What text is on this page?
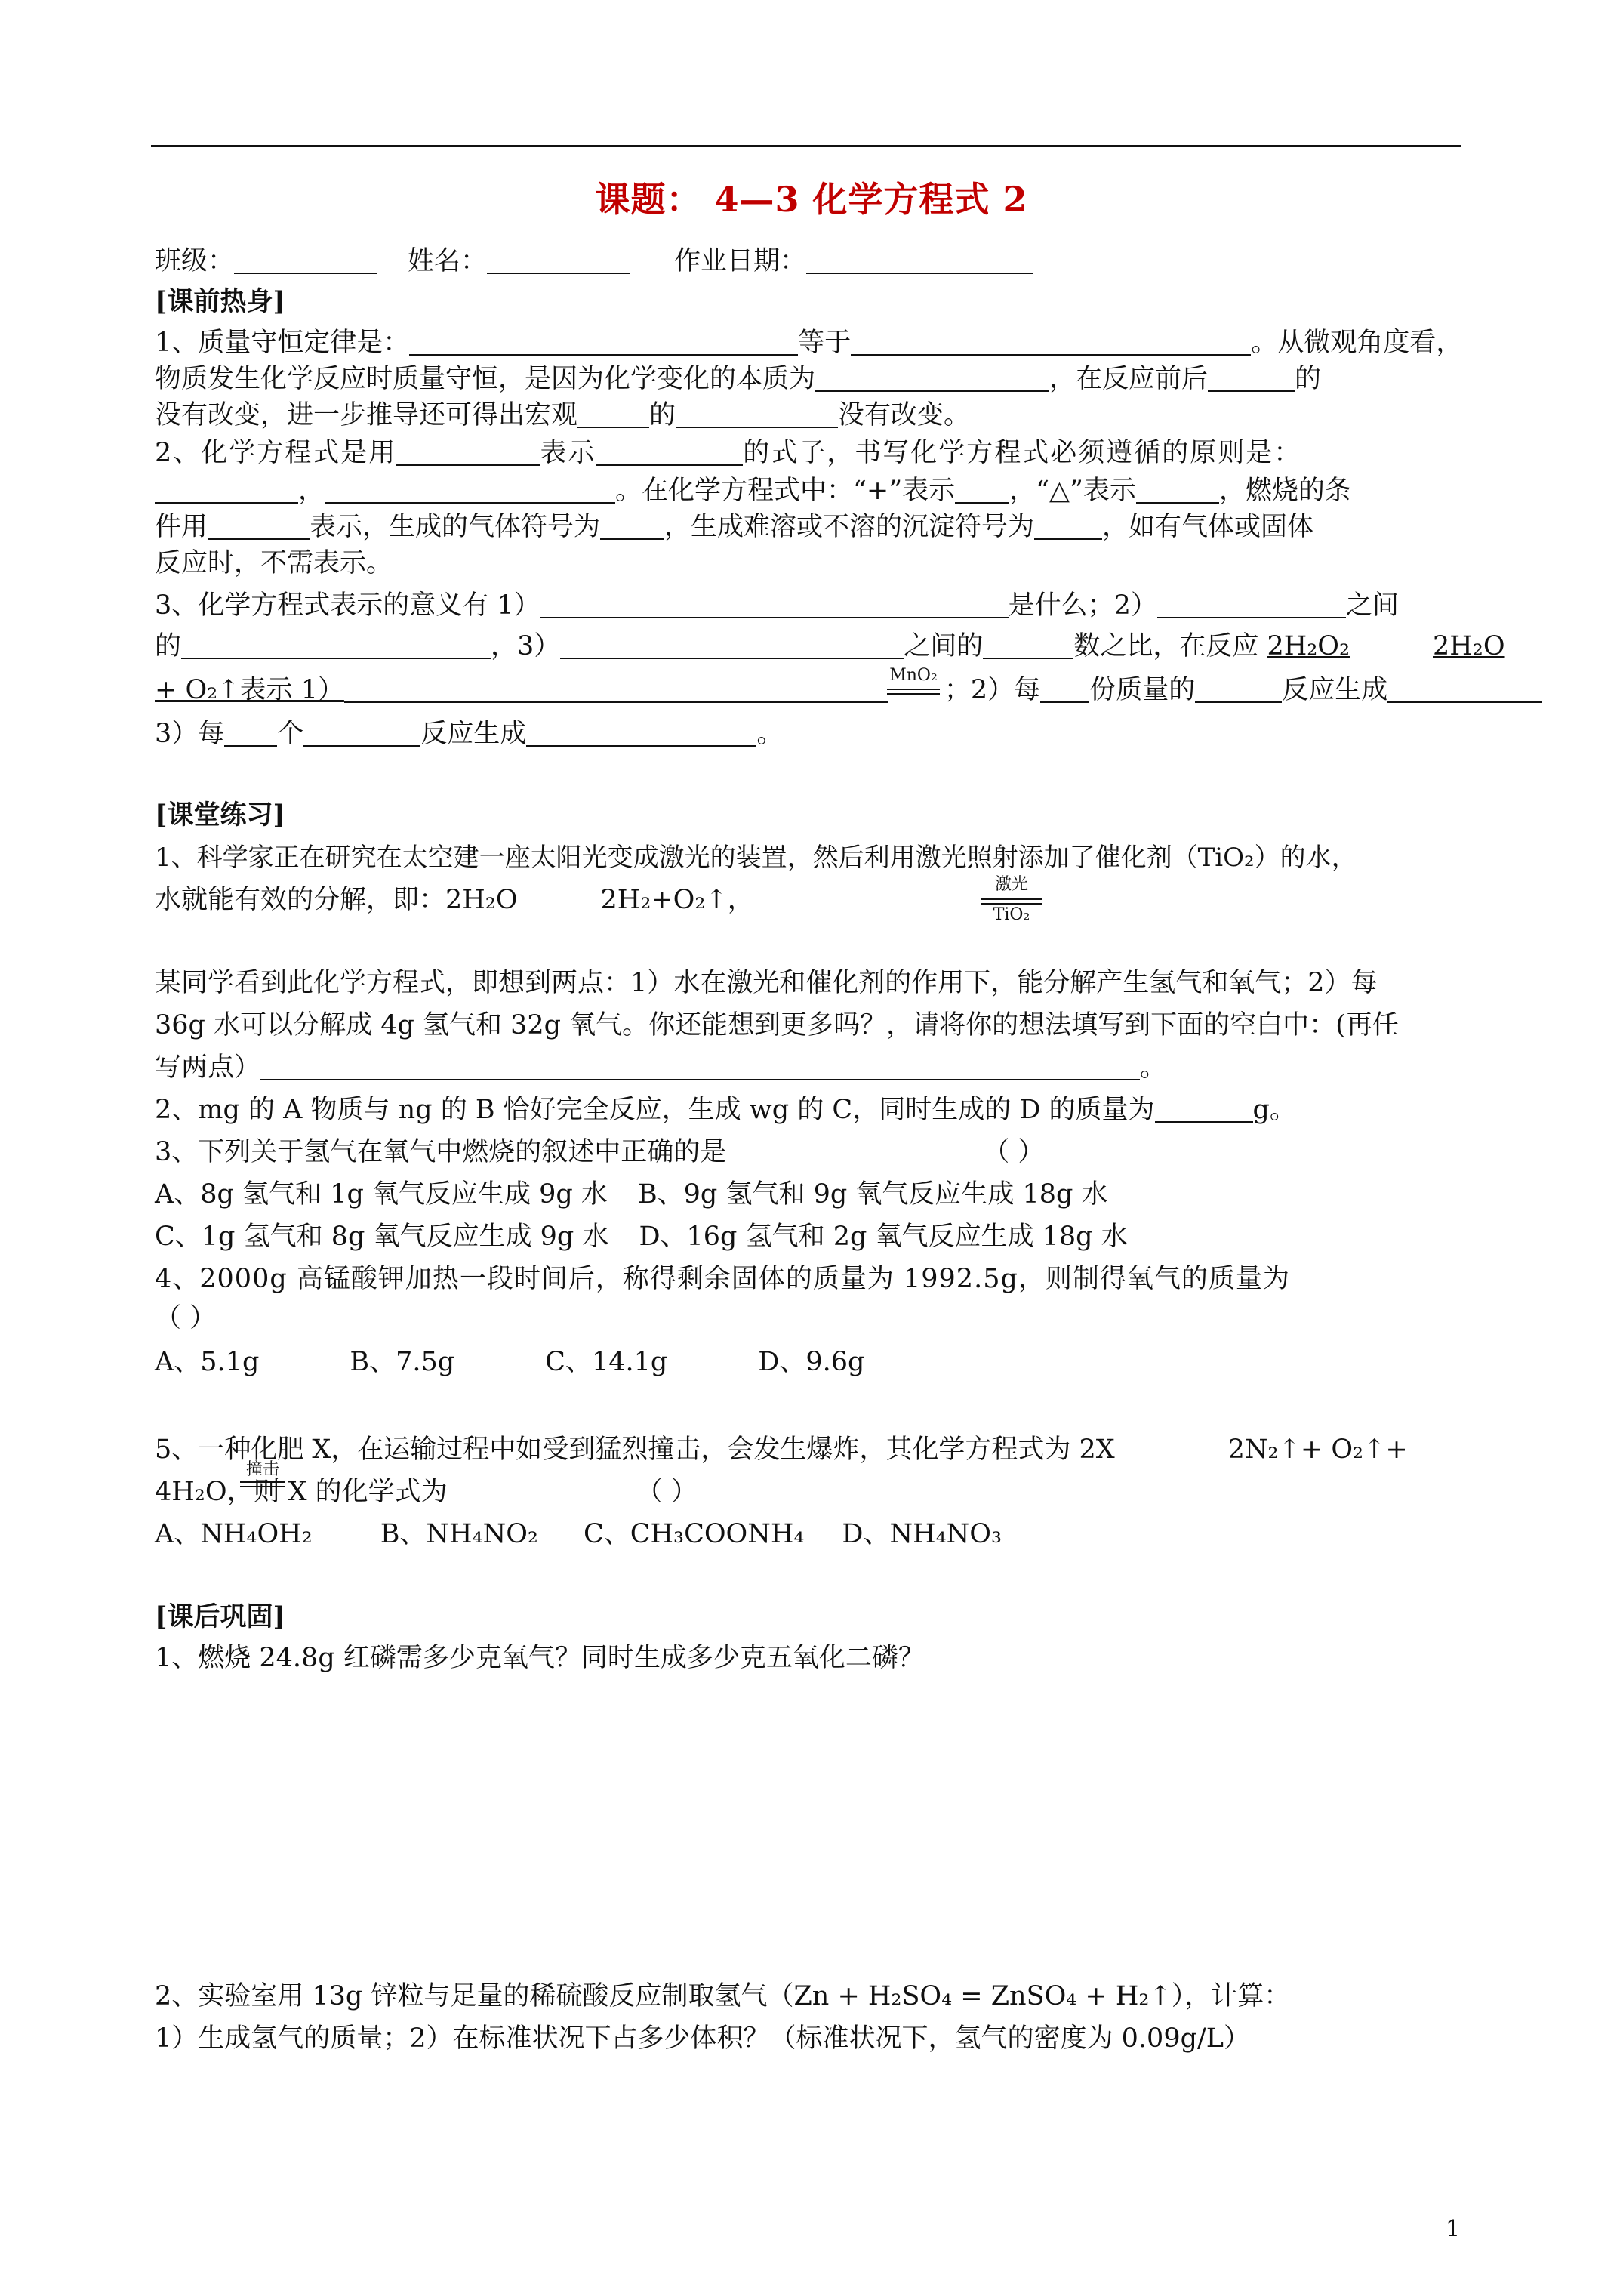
课题： 4—3 化学方程式 2
班级：	姓名：	作业日期：
[课前热身]
1、质量守恒定律是：	等于	。从微观角度看，
物质发生化学反应时质量守恒，是因为化学变化的本质为	，在反应前后	的
没有改变，进一步推导还可得出宏观	的	没有改变。
2、化学方程式是用	表示	的式子，书写化学方程式必须遵循的原则是：
，	。在化学方程式中：“+”表示 ，“△”表示	，燃烧的条
件用	表示，生成的气体符号为 ，生成难溶或不溶的沉淀符号为	，如有气体或固体
反应时，不需表示。
3、化学方程式表示的意义有 1）	是什么；2）	之间
的	，3）	之间的	数之比，在反应 2H₂O₂	2H₂O
+ O₂↑表示 1）	；2）每 份质量的	反应生成
MnO₂
3）每 个	反应生成	。
[课堂练习]
1、科学家正在研究在太空建一座太阳光变成激光的装置，然后利用激光照射添加了催化剂（TiO₂）的水，
水就能有效的分解，即：2H₂O	2H₂+O₂↑，
激光
TiO₂
某同学看到此化学方程式，即想到两点：1）水在激光和催化剂的作用下，能分解产生氢气和氧气；2）每
36g 水可以分解成 4g 氢气和 32g 氧气。你还能想到更多吗？，请将你的想法填写到下面的空白中：(再任
写两点）	。
2、mg 的 A 物质与 ng 的 B 恰好完全反应，生成 wg 的 C，同时生成的 D 的质量为	g。
3、下列关于氢气在氧气中燃烧的叙述中正确的是	（ ）
A、8g 氢气和 1g 氧气反应生成 9g 水 B、9g 氢气和 9g 氧气反应生成 18g 水
C、1g 氢气和 8g 氧气反应生成 9g 水 D、16g 氢气和 2g 氧气反应生成 18g 水
4、2000g 高锰酸钾加热一段时间后，称得剩余固体的质量为 1992.5g，则制得氧气的质量为
（ ）
A、5.1g	B、7.5g	C、14.1g	D、9.6g
5、一种化肥 X，在运输过程中如受到猛烈撞击，会发生爆炸，其化学方程式为 2X	2N₂↑+ O₂↑+
撞击
4H₂O，则 X 的化学式为	（ ）
A、NH₄OH₂	B、NH₄NO₂ C、CH₃COONH₄ D、NH₄NO₃
[课后巩固]
1、燃烧 24.8g 红磷需多少克氧气？同时生成多少克五氧化二磷？
2、实验室用 13g 锌粒与足量的稀硫酸反应制取氢气（Zn + H₂SO₄ = ZnSO₄ + H₂↑），计算：
1）生成氢气的质量；2）在标准状况下占多少体积？（标准状况下，氢气的密度为 0.09g/L）
1
